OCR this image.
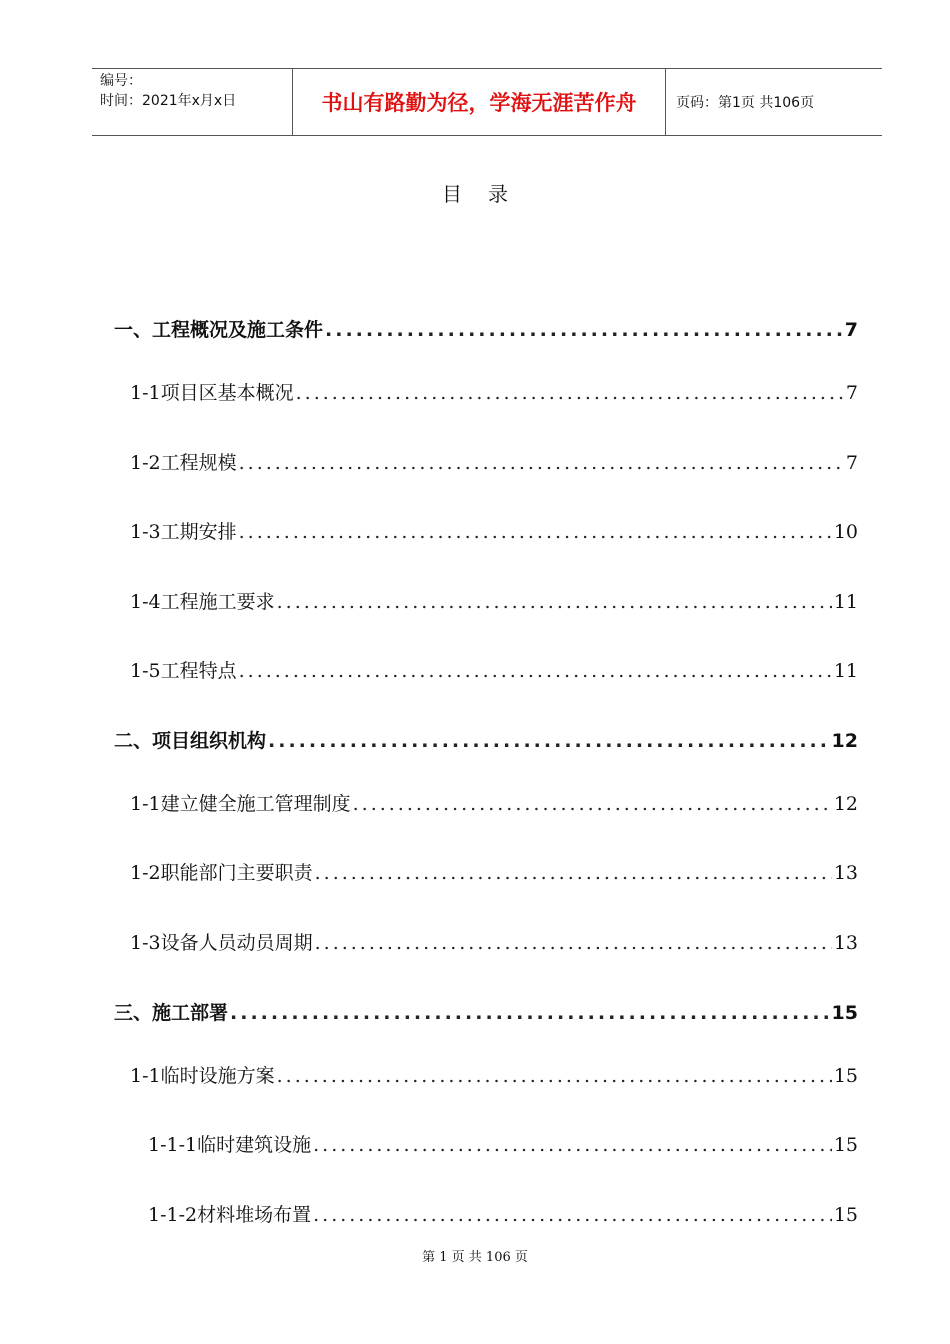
编号：
时间：2021年x月x日	书山有路勤为径，学海无涯苦作舟	页码：第1页 共106页
目录
一、工程概况及施工条件 .....	7
1-1项目区基本概况 .....	7
1-2工程规模 .....	7
1-3工期安排 .....	10
1-4工程施工要求 .....	11
1-5工程特点 .....	11
二、项目组织机构 .....	12
1-1建立健全施工管理制度 .....	12
1-2职能部门主要职责 .....	13
1-3设备人员动员周期 .....	13
三、施工部署 .....	15
1-1临时设施方案 .....	15
1-1-1临时建筑设施 .....	15
1-1-2材料堆场布置 .....	15
第 1 页 共 106 页
